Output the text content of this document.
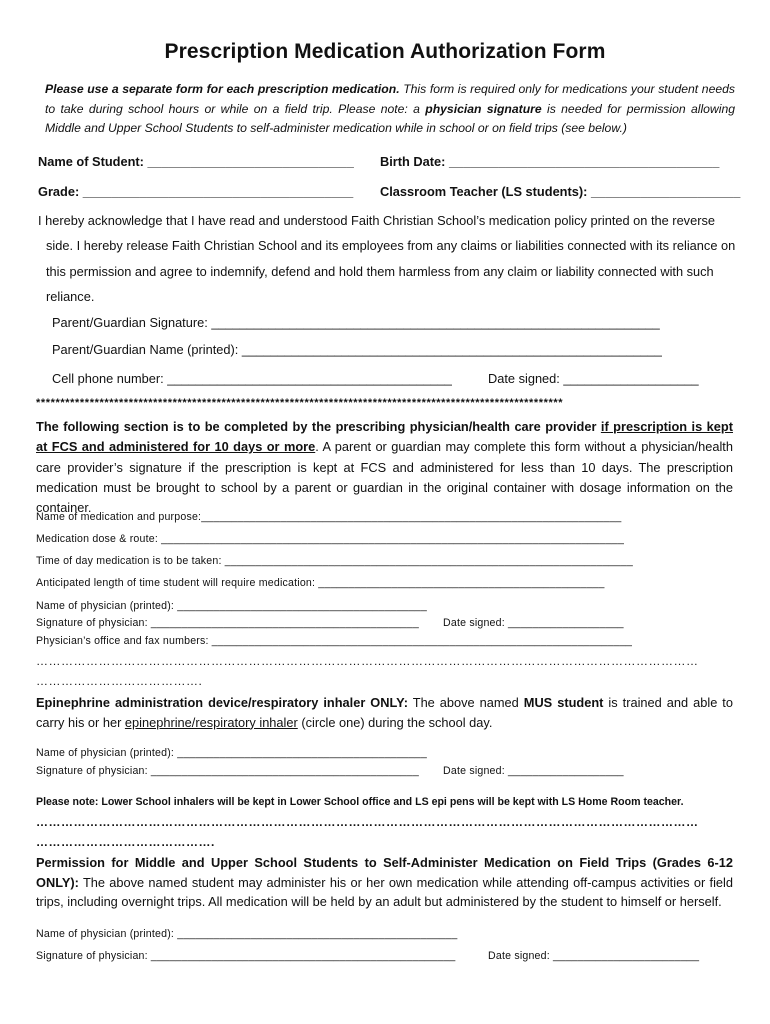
Prescription Medication Authorization Form
Please use a separate form for each prescription medication. This form is required only for medications your student needs to take during school hours or while on a field trip. Please note: a physician signature is needed for permission allowing Middle and Upper School Students to self-administer medication while in school or on field trips (see below.)
Name of Student: _____________________________ Birth Date: ______________________________________
Grade: ______________________________________ Classroom Teacher (LS students): _____________________
I hereby acknowledge that I have read and understood Faith Christian School’s medication policy printed on the reverse
side. I hereby release Faith Christian School and its employees from any claims or liabilities connected with its reliance on
this permission and agree to indemnify, defend and hold them harmless from any claim or liability connected with such
reliance.
Parent/Guardian Signature: _______________________________________________________________
Parent/Guardian Name (printed): ___________________________________________________________
Cell phone number: ________________________________________	Date signed: ___________________
************************************************************************************************************
The following section is to be completed by the prescribing physician/health care provider if prescription is kept at FCS and administered for 10 days or more. A parent or guardian may complete this form without a physician/health care provider’s signature if the prescription is kept at FCS and administered for less than 10 days. The prescription medication must be brought to school by a parent or guardian in the original container with dosage information on the container.
Name of medication and purpose:_____________________________________________________________________
Medication dose & route: ____________________________________________________________________________
Time of day medication is to be taken: ___________________________________________________________________
Anticipated length of time student will require medication: _______________________________________________
Name of physician (printed): _________________________________________
Signature of physician: ____________________________________________ Date signed: ___________________
Physician’s office and fax numbers: _____________________________________________________________________
……………………………………………………………………………………………………………………………………………
………………………………….
Epinephrine administration device/respiratory inhaler ONLY: The above named MUS student is trained and able to carry his or her epinephrine/respiratory inhaler (circle one) during the school day.
Name of physician (printed): _________________________________________
Signature of physician: ____________________________________________ Date signed: ___________________
Please note: Lower School inhalers will be kept in Lower School office and LS epi pens will be kept with LS Home Room teacher.
……………………………………………………………………………………………………………………………………………
…………………………………….
Permission for Middle and Upper School Students to Self-Administer Medication on Field Trips (Grades 6-12 ONLY): The above named student may administer his or her own medication while attending off-campus activities or field trips, including overnight trips. All medication will be held by an adult but administered by the student to himself or herself.
Name of physician (printed): ______________________________________________
Signature of physician: __________________________________________________	Date signed: ________________________
